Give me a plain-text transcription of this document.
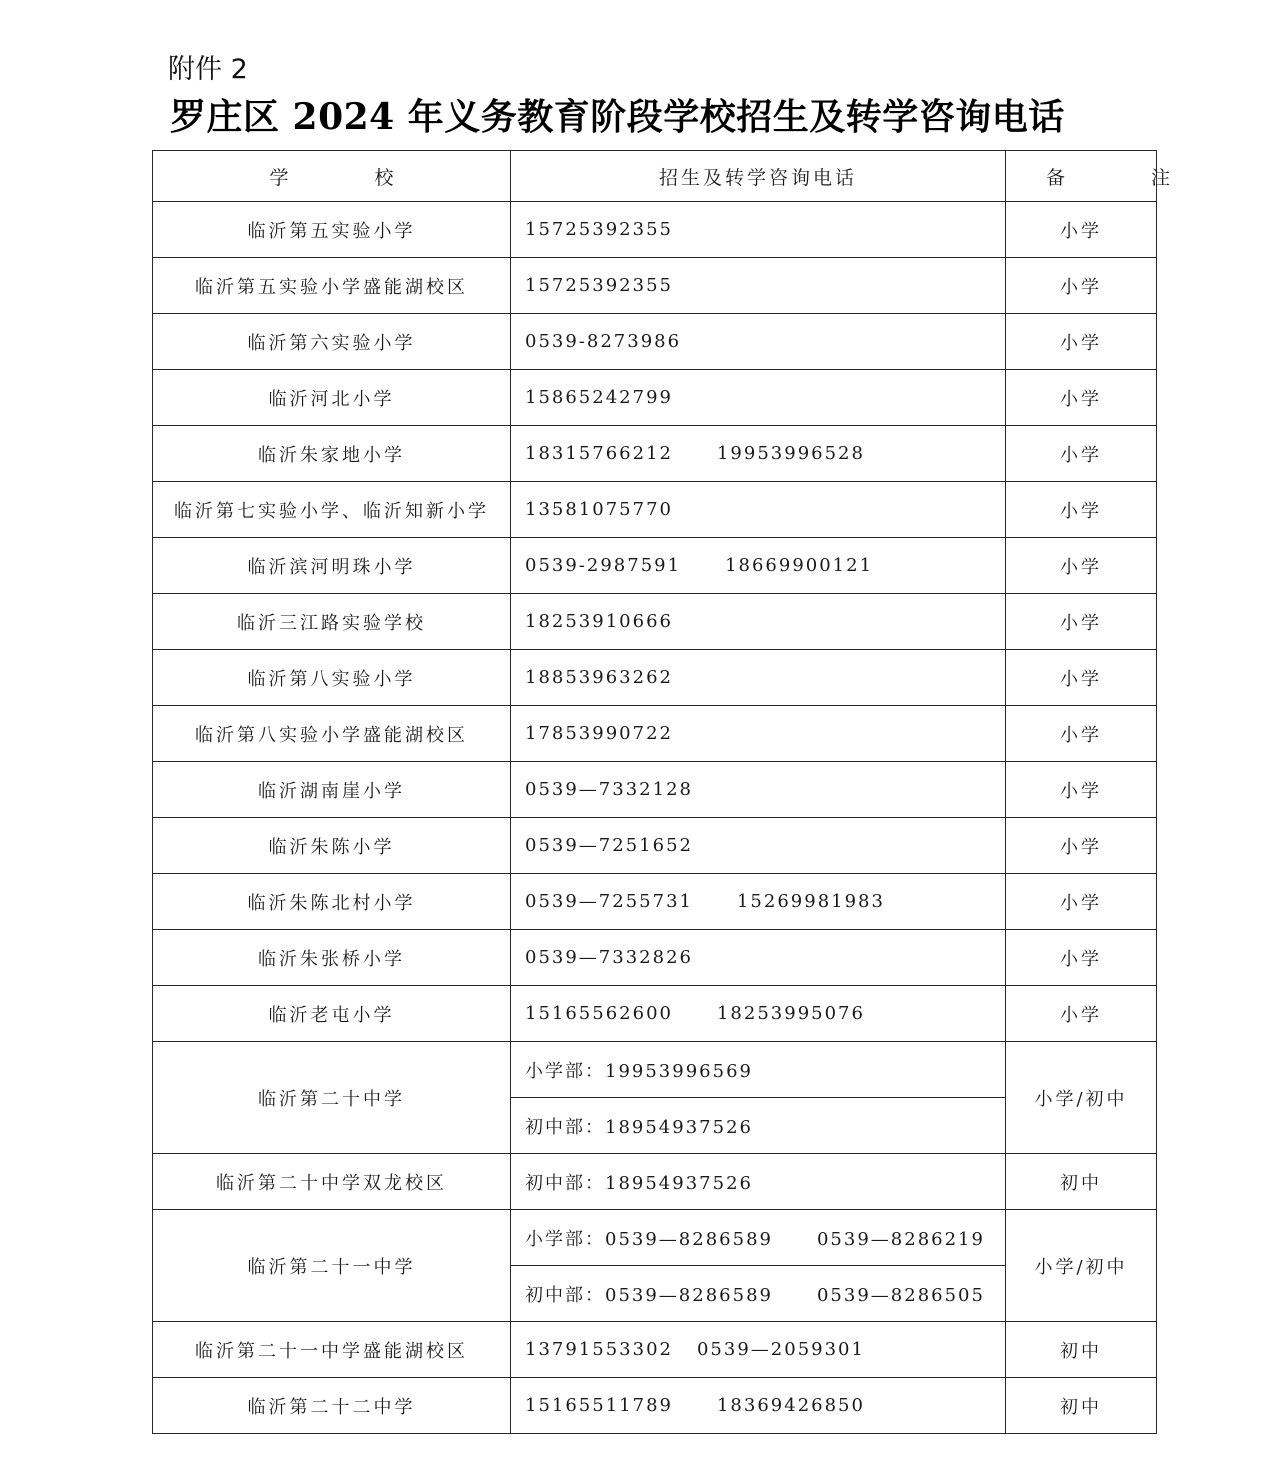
附件 2
罗庄区 2024 年义务教育阶段学校招生及转学咨询电话
学 校	招生及转学咨询电话	备 注
临沂第五实验小学	15725392355	小学
临沂第五实验小学盛能湖校区	15725392355	小学
临沂第六实验小学	0539-8273986	小学
临沂河北小学	15865242799	小学
临沂朱家地小学	18315766212 19953996528	小学
临沂第七实验小学、临沂知新小学	13581075770	小学
临沂滨河明珠小学	0539-2987591 18669900121	小学
临沂三江路实验学校	18253910666	小学
临沂第八实验小学	18853963262	小学
临沂第八实验小学盛能湖校区	17853990722	小学
临沂湖南崖小学	0539—7332128	小学
临沂朱陈小学	0539—7251652	小学
临沂朱陈北村小学	0539—7255731 15269981983	小学
临沂朱张桥小学	0539—7332826	小学
临沂老屯小学	15165562600 18253995076	小学
临沂第二十中学	小学部：19953996569	小学/初中
	初中部：18954937526	
临沂第二十中学双龙校区	初中部：18954937526	初中
临沂第二十一中学	小学部：0539—8286589 0539—8286219	小学/初中
	初中部：0539—8286589 0539—8286505	
临沂第二十一中学盛能湖校区	13791553302 0539—2059301	初中
临沂第二十二中学	15165511789 18369426850	初中
